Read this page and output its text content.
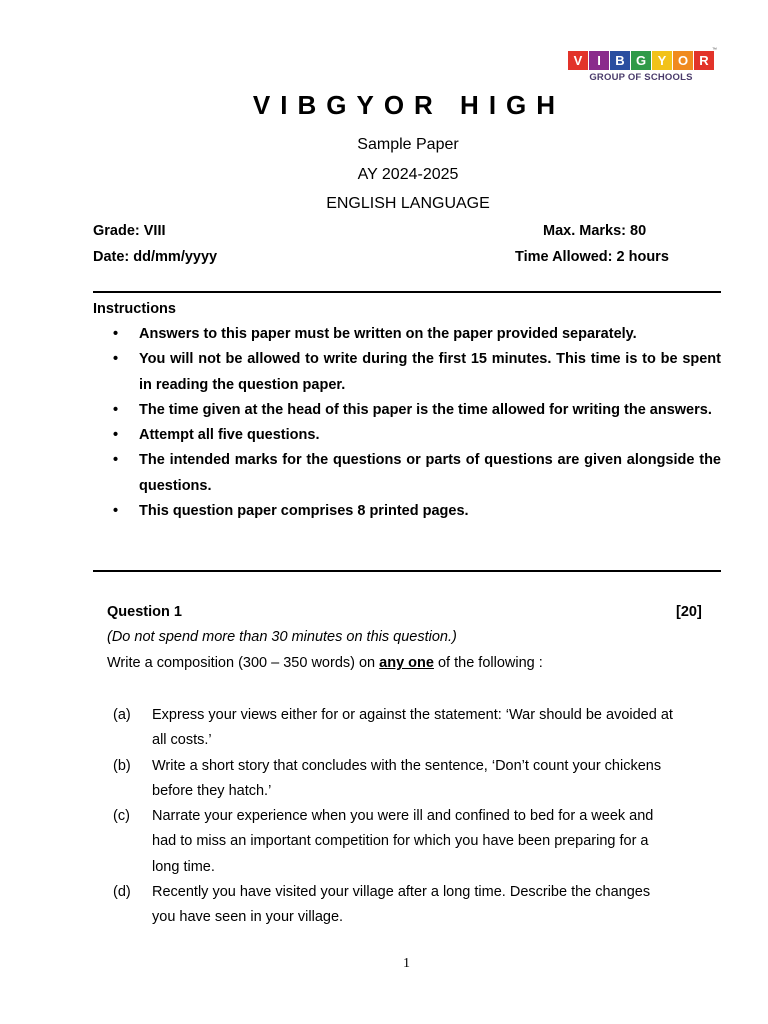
V	I	B G Y O R
™
GROUP OF SCHOOLS
VIBGYOR HIGH
Sample Paper
AY 2024-2025
ENGLISH LANGUAGE
Grade: VIII	Max. Marks: 80
Date: dd/mm/yyyy	Time Allowed: 2 hours
Instructions
• Answers to this paper must be written on the paper provided separately.
• You will not be allowed to write during the first 15 minutes. This time is to be spent in reading the question paper.
• The time given at the head of this paper is the time allowed for writing the answers.
• Attempt all five questions.
• The intended marks for the questions or parts of questions are given alongside the questions.
• This question paper comprises 8 printed pages.
Question 1	[20]
(Do not spend more than 30 minutes on this question.)
Write a composition (300 – 350 words) on any one of the following :
(a) Express your views either for or against the statement: ‘War should be avoided at all costs.’
(b) Write a short story that concludes with the sentence, ‘Don’t count your chickens before they hatch.’
(c) Narrate your experience when you were ill and confined to bed for a week and had to miss an important competition for which you have been preparing for a long time.
(d) Recently you have visited your village after a long time. Describe the changes you have seen in your village.
1
